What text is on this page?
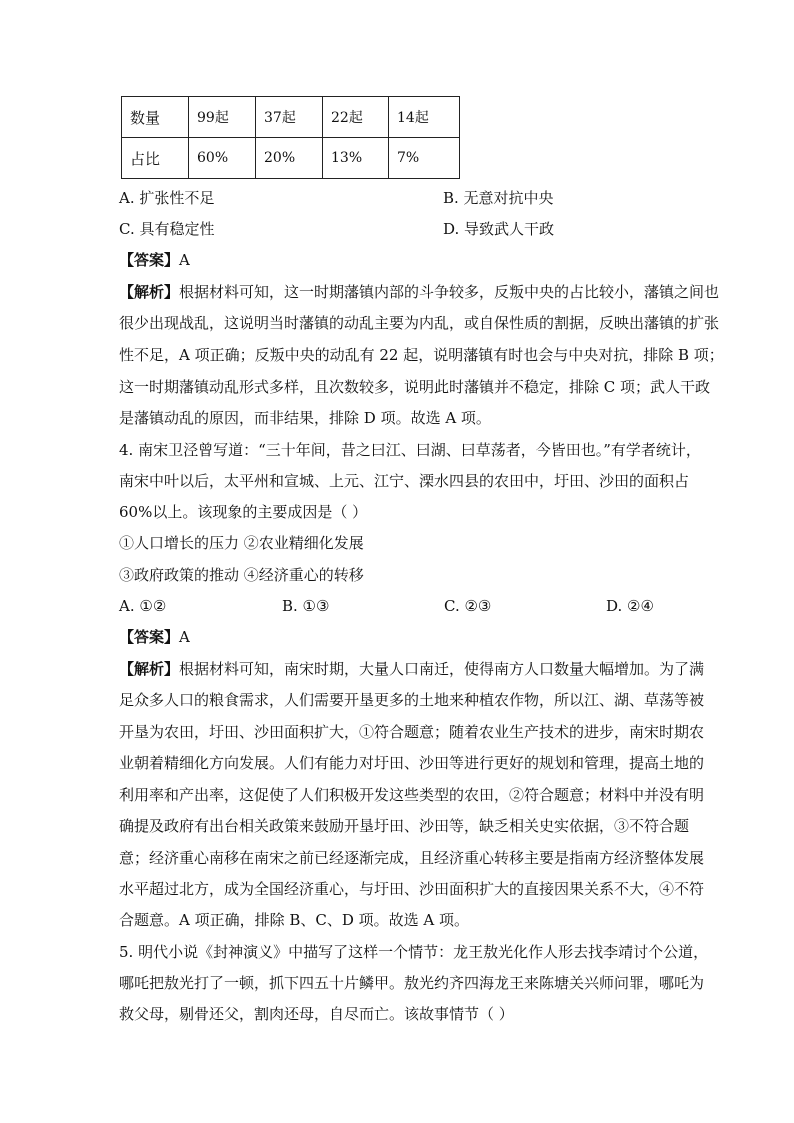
数量	99起	37起	22起	14起
占比	60%	20%	13%	7%
A. 扩张性不足	B. 无意对抗中央
C. 具有稳定性	D. 导致武人干政
【答案】A
【解析】根据材料可知，这一时期藩镇内部的斗争较多，反叛中央的占比较小，藩镇之间也
很少出现战乱，这说明当时藩镇的动乱主要为内乱，或自保性质的割据，反映出藩镇的扩张
性不足，A 项正确；反叛中央的动乱有 22 起，说明藩镇有时也会与中央对抗，排除 B 项；
这一时期藩镇动乱形式多样，且次数较多，说明此时藩镇并不稳定，排除 C 项；武人干政
是藩镇动乱的原因，而非结果，排除 D 项。故选 A 项。
4. 南宋卫泾曾写道：“三十年间，昔之曰江、曰湖、曰草荡者，今皆田也。”有学者统计，
南宋中叶以后，太平州和宣城、上元、江宁、溧水四县的农田中，圩田、沙田的面积占
60%以上。该现象的主要成因是（ ）
①人口增长的压力 ②农业精细化发展
③政府政策的推动 ④经济重心的转移
A. ①②	B. ①③	C. ②③	D. ②④
【答案】A
【解析】根据材料可知，南宋时期，大量人口南迁，使得南方人口数量大幅增加。为了满
足众多人口的粮食需求，人们需要开垦更多的土地来种植农作物，所以江、湖、草荡等被
开垦为农田，圩田、沙田面积扩大，①符合题意；随着农业生产技术的进步，南宋时期农
业朝着精细化方向发展。人们有能力对圩田、沙田等进行更好的规划和管理，提高土地的
利用率和产出率，这促使了人们积极开发这些类型的农田，②符合题意；材料中并没有明
确提及政府有出台相关政策来鼓励开垦圩田、沙田等，缺乏相关史实依据，③不符合题
意；经济重心南移在南宋之前已经逐渐完成，且经济重心转移主要是指南方经济整体发展
水平超过北方，成为全国经济重心，与圩田、沙田面积扩大的直接因果关系不大，④不符
合题意。A 项正确，排除 B、C、D 项。故选 A 项。
5. 明代小说《封神演义》中描写了这样一个情节：龙王敖光化作人形去找李靖讨个公道，
哪吒把敖光打了一顿，抓下四五十片鳞甲。敖光约齐四海龙王来陈塘关兴师问罪，哪吒为
救父母，剔骨还父，割肉还母，自尽而亡。该故事情节（ ）
